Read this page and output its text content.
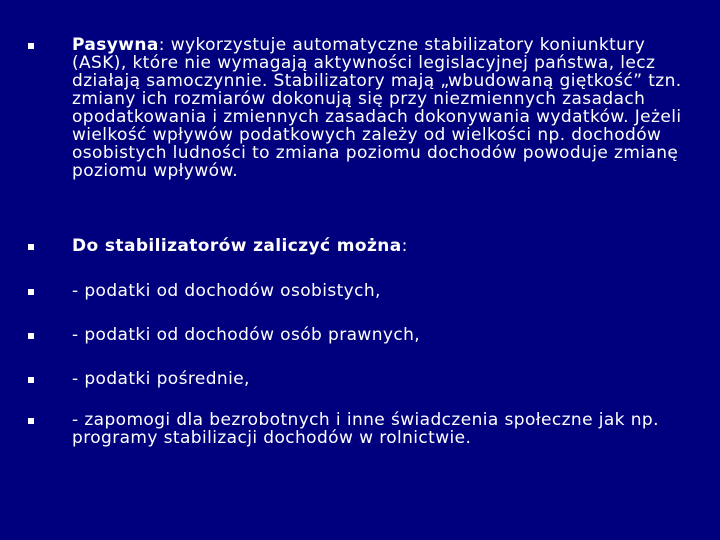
Pasywna: wykorzystuje automatyczne stabilizatory koniunktury (ASK), które nie wymagają aktywności legislacyjnej państwa, lecz działają samoczynnie. Stabilizatory mają „wbudowaną giętkość” tzn. zmiany ich rozmiarów dokonują się przy niezmiennych zasadach opodatkowania i zmiennych zasadach dokonywania wydatków. Jeżeli wielkość wpływów podatkowych zależy od wielkości np. dochodów osobistych ludności to zmiana poziomu dochodów powoduje zmianę poziomu wpływów.
Do stabilizatorów zaliczyć można:
- podatki od dochodów osobistych,
- podatki od dochodów osób prawnych,
- podatki pośrednie,
- zapomogi dla bezrobotnych i inne świadczenia społeczne jak np. programy stabilizacji dochodów w rolnictwie.
